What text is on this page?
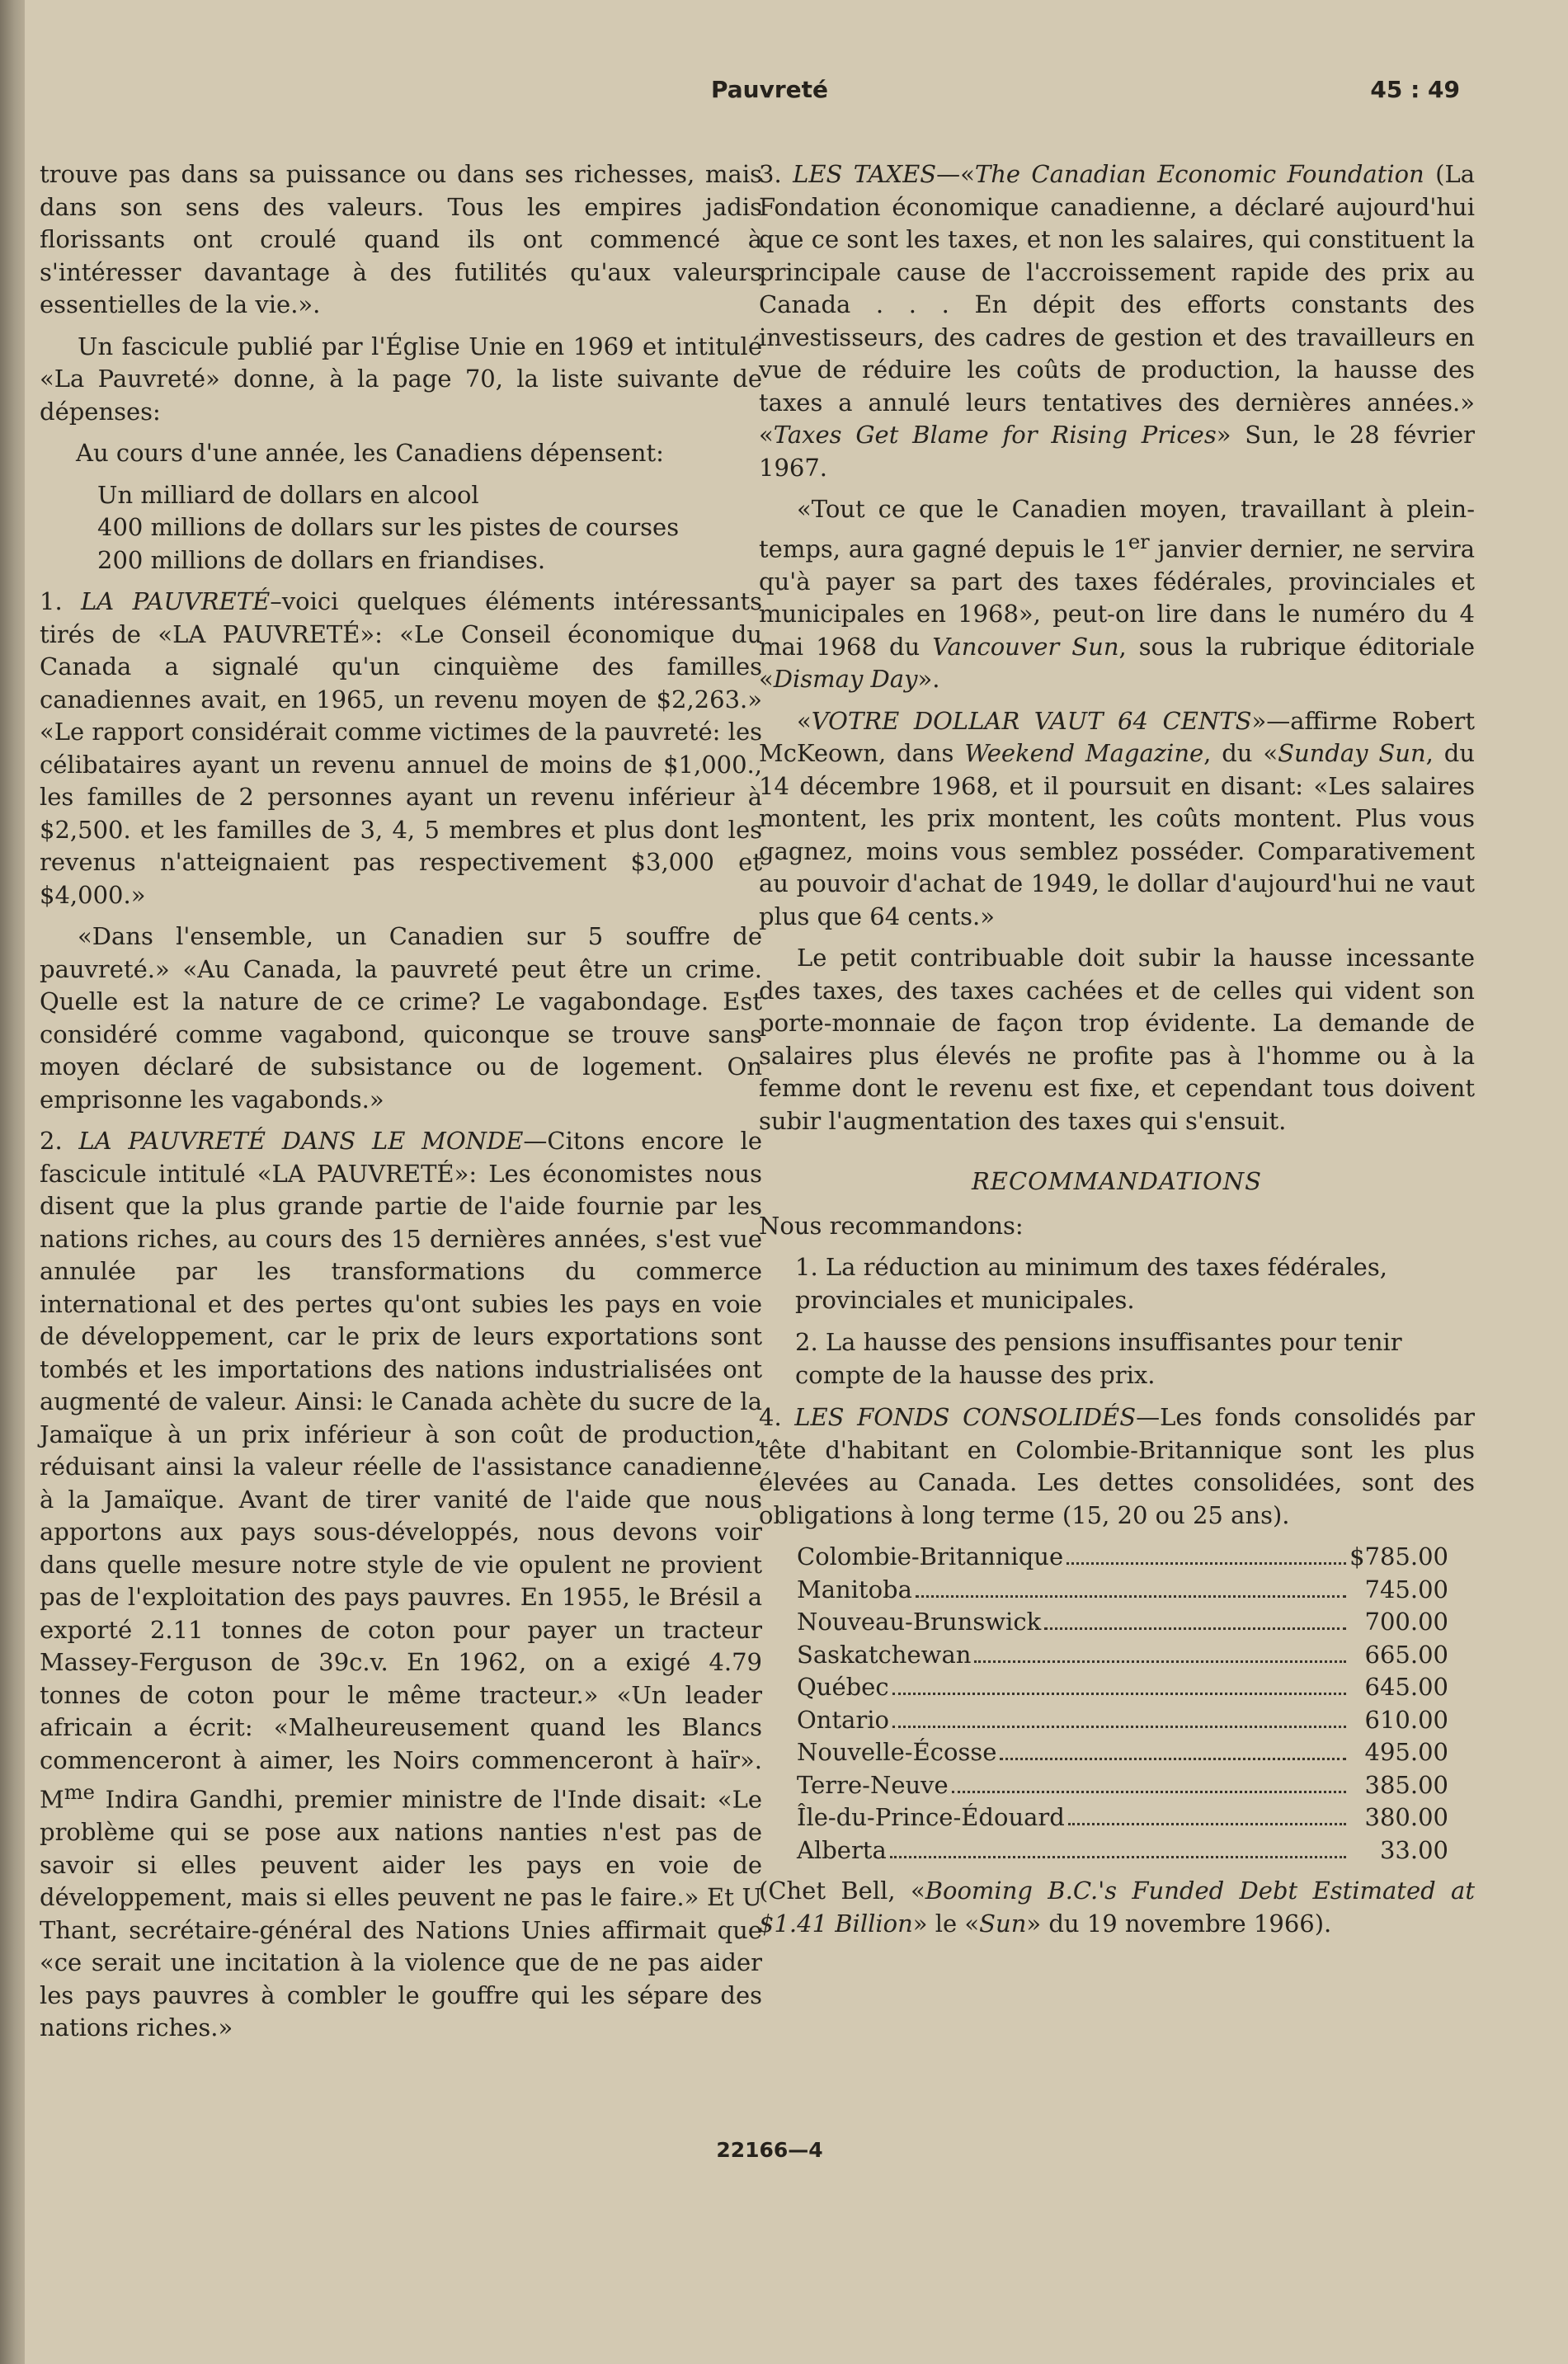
Pauvreté	45 : 49

trouve pas dans sa puissance ou dans ses richesses, mais dans son sens des valeurs. Tous les empires jadis florissants ont croulé quand ils ont commencé à s'intéresser davantage à des futilités qu'aux valeurs essentielles de la vie.».

Un fascicule publié par l'Église Unie en 1969 et intitulé «La Pauvreté» donne, à la page 70, la liste suivante de dépenses:

Au cours d'une année, les Canadiens dépensent:

Un milliard de dollars en alcool
400 millions de dollars sur les pistes de courses
200 millions de dollars en friandises.

1. LA PAUVRETÉ–voici quelques éléments intéressants tirés de «LA PAUVRETÉ»: «Le Conseil économique du Canada a signalé qu'un cinquième des familles canadiennes avait, en 1965, un revenu moyen de $2,263.» «Le rapport considérait comme victimes de la pauvreté: les célibataires ayant un revenu annuel de moins de $1,000., les familles de 2 personnes ayant un revenu inférieur à $2,500. et les familles de 3, 4, 5 membres et plus dont les revenus n'atteignaient pas respectivement $3,000 et $4,000.»

«Dans l'ensemble, un Canadien sur 5 souffre de pauvreté.» «Au Canada, la pauvreté peut être un crime. Quelle est la nature de ce crime? Le vagabondage. Est considéré comme vagabond, quiconque se trouve sans moyen déclaré de subsistance ou de logement. On emprisonne les vagabonds.»

2. LA PAUVRETÉ DANS LE MONDE—Citons encore le fascicule intitulé «LA PAUVRETÉ»: Les économistes nous disent que la plus grande partie de l'aide fournie par les nations riches, au cours des 15 dernières années, s'est vue annulée par les transformations du commerce international et des pertes qu'ont subies les pays en voie de développement, car le prix de leurs exportations sont tombés et les importations des nations industrialisées ont augmenté de valeur. Ainsi: le Canada achète du sucre de la Jamaïque à un prix inférieur à son coût de production, réduisant ainsi la valeur réelle de l'assistance canadienne à la Jamaïque. Avant de tirer vanité de l'aide que nous apportons aux pays sous-développés, nous devons voir dans quelle mesure notre style de vie opulent ne provient pas de l'exploitation des pays pauvres. En 1955, le Brésil a exporté 2.11 tonnes de coton pour payer un tracteur Massey-Ferguson de 39c.v. En 1962, on a exigé 4.79 tonnes de coton pour le même tracteur.» «Un leader africain a écrit: «Malheureusement quand les Blancs commenceront à aimer, les Noirs commenceront à haïr». $M^{me}$ Indira Gandhi, premier ministre de l'Inde disait: «Le problème qui se pose aux nations nanties n'est pas de savoir si elles peuvent aider les pays en voie de développement, mais si elles peuvent ne pas le faire.» Et U Thant, secrétaire-général des Nations Unies affirmait que «ce serait une incitation à la violence que de ne pas aider les pays pauvres à combler le gouffre qui les sépare des nations riches.»

3. LES TAXES—«The Canadian Economic Foundation (La Fondation économique canadienne, a déclaré aujourd'hui que ce sont les taxes, et non les salaires, qui constituent la principale cause de l'accroissement rapide des prix au Canada . . . En dépit des efforts constants des investisseurs, des cadres de gestion et des travailleurs en vue de réduire les coûts de production, la hausse des taxes a annulé leurs tentatives des dernières années.» «Taxes Get Blame for Rising Prices» Sun, le 28 février 1967.

«Tout ce que le Canadien moyen, travaillant à plein-temps, aura gagné depuis le 1er janvier dernier, ne servira qu'à payer sa part des taxes fédérales, provinciales et municipales en 1968», peut-on lire dans le numéro du 4 mai 1968 du Vancouver Sun, sous la rubrique éditoriale «Dismay Day».

«VOTRE DOLLAR VAUT 64 CENTS»—affirme Robert McKeown, dans Weekend Magazine, du «Sunday Sun, du 14 décembre 1968, et il poursuit en disant: «Les salaires montent, les prix montent, les coûts montent. Plus vous gagnez, moins vous semblez posséder. Comparativement au pouvoir d'achat de 1949, le dollar d'aujourd'hui ne vaut plus que 64 cents.»

Le petit contribuable doit subir la hausse incessante des taxes, des taxes cachées et de celles qui vident son porte-monnaie de façon trop évidente. La demande de salaires plus élevés ne profite pas à l'homme ou à la femme dont le revenu est fixe, et cependant tous doivent subir l'augmentation des taxes qui s'ensuit.

RECOMMANDATIONS

Nous recommandons:

1. La réduction au minimum des taxes fédérales, provinciales et municipales.
2. La hausse des pensions insuffisantes pour tenir compte de la hausse des prix.

4. LES FONDS CONSOLIDÉS—Les fonds consolidés par tête d'habitant en Colombie-Britannique sont les plus élevées au Canada. Les dettes consolidées, sont des obligations à long terme (15, 20 ou 25 ans).

Colombie-Britannique	$785.00

Manitoba	745.00

Nouveau-Brunswick	700.00

Saskatchewan	665.00

Québec	645.00

Ontario	610.00

Nouvelle-Écosse	495.00

Terre-Neuve	385.00

Île-du-Prince-Édouard	380.00

Alberta	33.00

(Chet Bell, «Booming B.C.'s Funded Debt Estimated at $1.41 Billion» le «Sun» du 19 novembre 1966).

22166—4
